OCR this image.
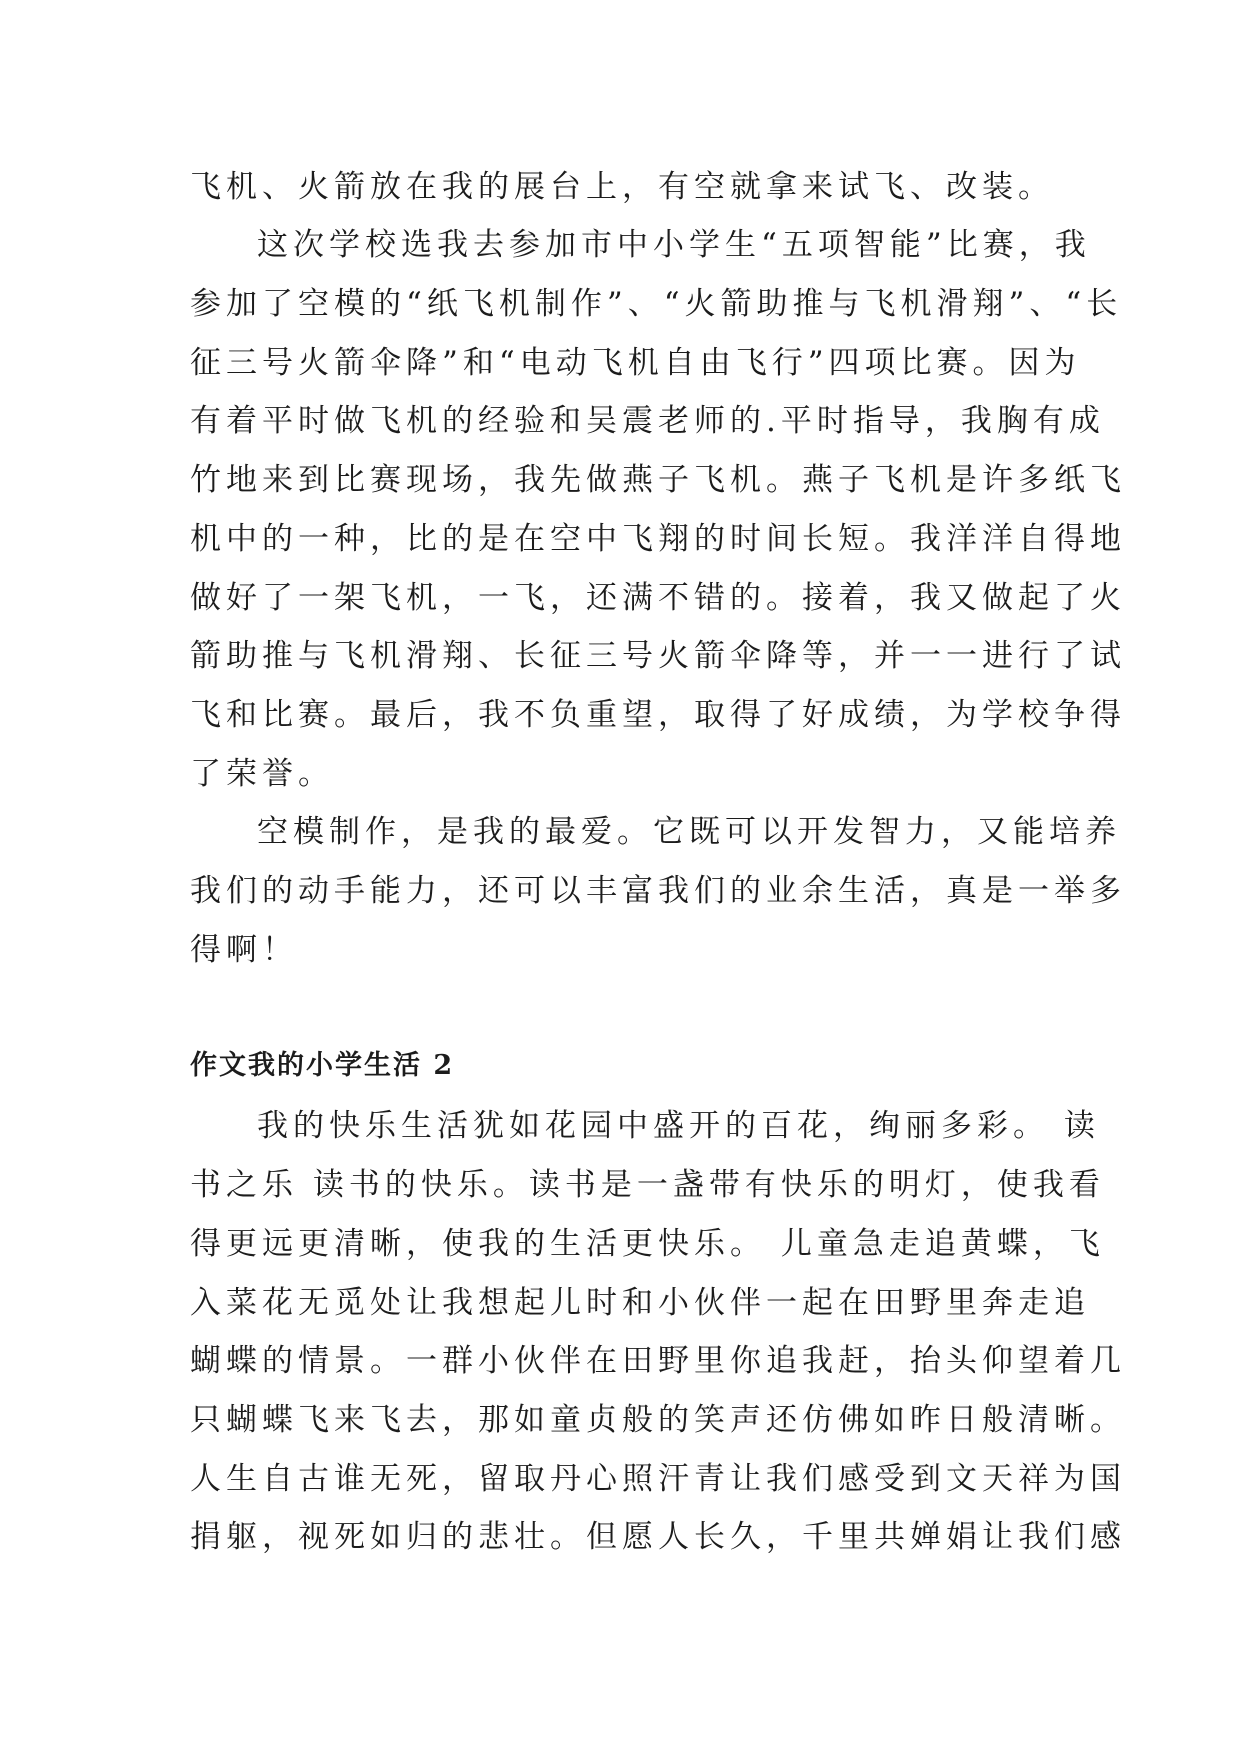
飞机、火箭放在我的展台上，有空就拿来试飞、改装。

这次学校选我去参加市中小学生“五项智能”比赛，我

参加了空模的“纸飞机制作”、“火箭助推与飞机滑翔”、“长

征三号火箭伞降”和“电动飞机自由飞行”四项比赛。因为

有着平时做飞机的经验和吴震老师的.平时指导，我胸有成

竹地来到比赛现场，我先做燕子飞机。燕子飞机是许多纸飞

机中的一种，比的是在空中飞翔的时间长短。我洋洋自得地

做好了一架飞机，一飞，还满不错的。接着，我又做起了火

箭助推与飞机滑翔、长征三号火箭伞降等，并一一进行了试

飞和比赛。最后，我不负重望，取得了好成绩，为学校争得

了荣誉。

空模制作，是我的最爱。它既可以开发智力，又能培养

我们的动手能力，还可以丰富我们的业余生活，真是一举多

得啊！

作文我的小学生活 2

我的快乐生活犹如花园中盛开的百花，绚丽多彩。 读

书之乐 读书的快乐。读书是一盏带有快乐的明灯，使我看

得更远更清晰，使我的生活更快乐。 儿童急走追黄蝶，飞

入菜花无觅处让我想起儿时和小伙伴一起在田野里奔走追

蝴蝶的情景。一群小伙伴在田野里你追我赶，抬头仰望着几

只蝴蝶飞来飞去，那如童贞般的笑声还仿佛如昨日般清晰。

人生自古谁无死，留取丹心照汗青让我们感受到文天祥为国

捐躯，视死如归的悲壮。但愿人长久，千里共婵娟让我们感
